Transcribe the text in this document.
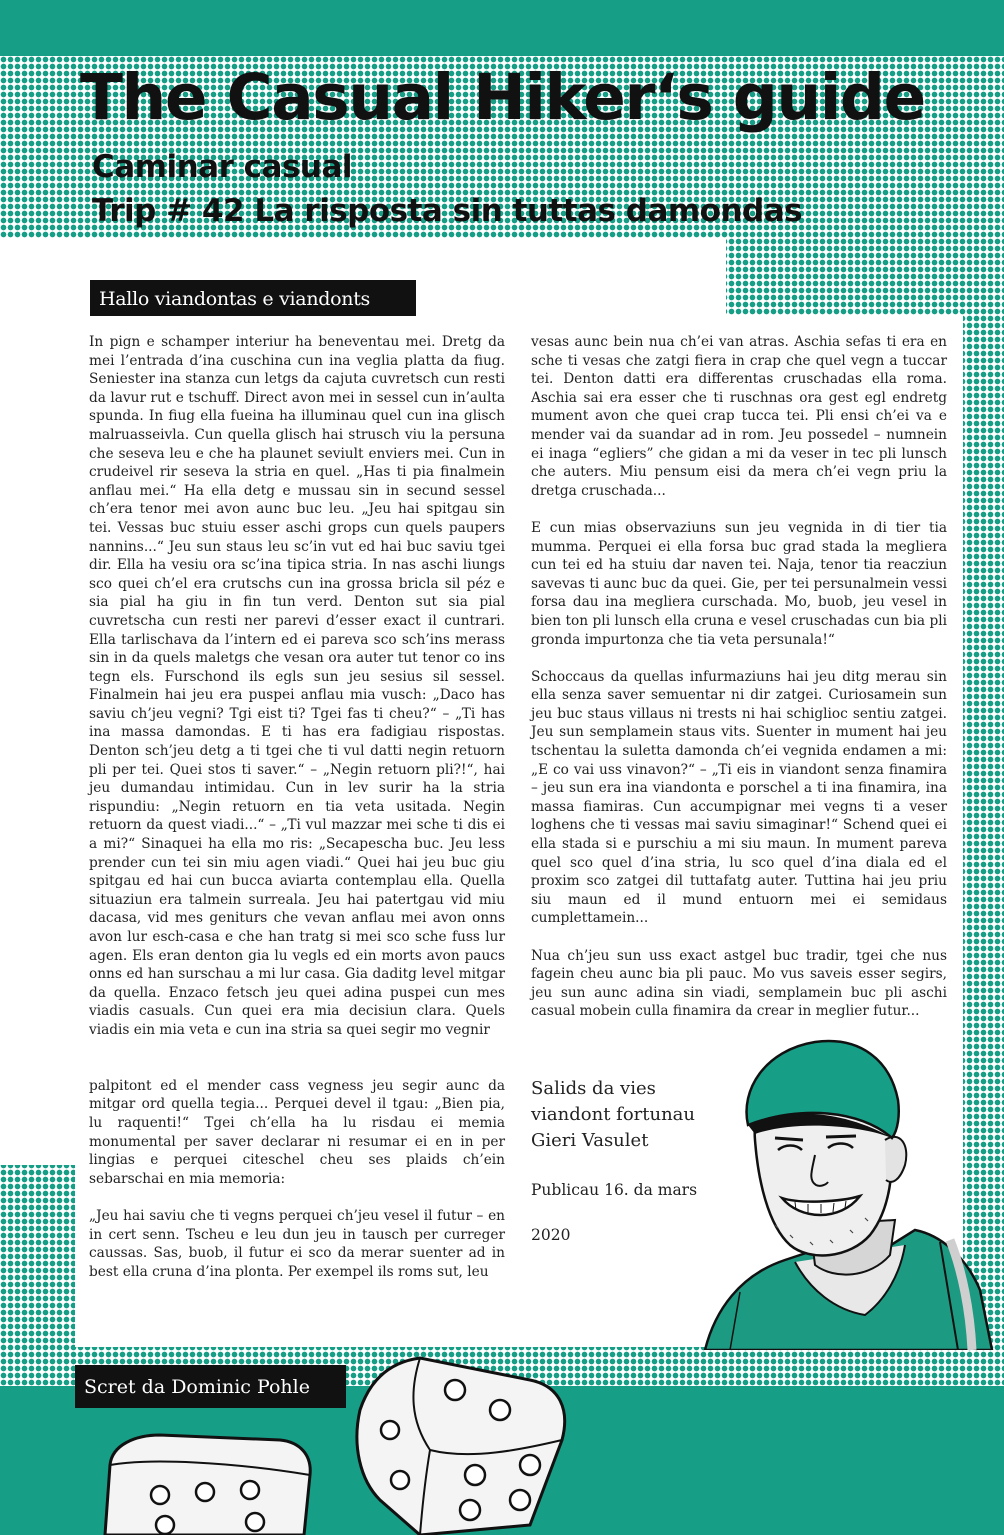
The Casual Hiker‘s guide
Caminar casual
Trip # 42 La risposta sin tuttas damondas
Hallo viandontas e viandonts

In pign e schamper interiur ha beneventau mei. Dretg da mei l’entrada d’ina cuschina cun ina veglia platta da fiug. Seniester ina stanza cun letgs da cajuta cuvretsch cun resti da lavur rut e tschuff. Direct avon mei in sessel cun in’aulta spunda. In fiug ella fueina ha illuminau quel cun ina glisch malruasseivla. Cun quella glisch hai strusch viu la persuna che seseva leu e che ha plaunet seviult enviers mei. Cun in crudeivel rir seseva la stria en quel. „Has ti pia finalmein anflau mei.“ Ha ella detg e mussau sin in secund sessel ch’era tenor mei avon aunc buc leu. „Jeu hai spitgau sin tei. Vessas buc stuiu esser aschi grops cun quels paupers nannins...“ Jeu sun staus leu sc’in vut ed hai buc saviu tgei dir. Ella ha vesiu ora sc’ina tipica stria. In nas aschi liungs sco quei ch’el era crutschs cun ina grossa bricla sil péz e sia pial ha giu in fin tun verd. Denton sut sia pial cuvretscha cun resti ner parevi d’esser exact il cuntrari. Ella tarlischava da l’intern ed ei pareva sco sch’ins merass sin in da quels maletgs che vesan ora auter tut tenor co ins tegn els. Furschond ils egls sun jeu sesius sil sessel. Finalmein hai jeu era puspei anflau mia vusch: „Daco has saviu ch’jeu vegni? Tgi eist ti? Tgei fas ti cheu?“ – „Ti has ina massa damondas. E ti has era fadigiau rispostas. Denton sch’jeu detg a ti tgei che ti vul datti negin retuorn pli per tei. Quei stos ti saver.“ – „Negin retuorn pli?!“, hai jeu dumandau intimidau. Cun in lev surir ha la stria rispundiu: „Negin retuorn en tia veta usitada. Negin retuorn da quest viadi...“ – „Ti vul mazzar mei sche ti dis ei a mi?“ Sinaquei ha ella mo ris: „Secapescha buc. Jeu less prender cun tei sin miu agen viadi.“ Quei hai jeu buc giu spitgau ed hai cun bucca aviarta contemplau ella. Quella situaziun era talmein surreala. Jeu hai patertgau vid miu dacasa, vid mes geniturs che vevan anflau mei avon onns avon lur esch-casa e che han tratg si mei sco sche fuss lur agen. Els eran denton gia lu vegls ed ein morts avon paucs onns ed han surschau a mi lur casa. Gia daditg level mitgar da quella. Enzaco fetsch jeu quei adina puspei cun mes viadis casuals. Cun quei era mia decisiun clara. Quels viadis ein mia veta e cun ina stria sa quei segir mo vegnir

palpitont ed el mender cass vegness jeu segir aunc da mitgar ord quella tegia... Perquei devel il tgau: „Bien pia, lu raquenti!“ Tgei ch’ella ha lu risdau ei memia monumental per saver declarar ni resumar ei en in per lingias e perquei citeschel cheu ses plaids ch’ein sebarschai en mia memoria:

„Jeu hai saviu che ti vegns perquei ch’jeu vesel il futur – en in cert senn. Tscheu e leu dun jeu in tausch per curreger caussas. Sas, buob, il futur ei sco da merar suenter ad in best ella cruna d’ina plonta. Per exempel ils roms sut, leu

vesas aunc bein nua ch’ei van atras. Aschia sefas ti era en sche ti vesas che zatgi fiera in crap che quel vegn a tuccar tei. Denton datti era differentas cruschadas ella roma. Aschia sai era esser che ti ruschnas ora gest egl endretg mument avon che quei crap tucca tei. Pli ensi ch’ei va e mender vai da suandar ad in rom. Jeu possedel – numnein ei inaga “egliers” che gidan a mi da veser in tec pli lunsch che auters. Miu pensum eisi da mera ch’ei vegn priu la dretga cruschada...

E cun mias observaziuns sun jeu vegnida in di tier tia mumma. Perquei ei ella forsa buc grad stada la megliera cun tei ed ha stuiu dar naven tei. Naja, tenor tia reacziun savevas ti aunc buc da quei. Gie, per tei persunalmein vessi forsa dau ina megliera curschada. Mo, buob, jeu vesel in bien ton pli lunsch ella cruna e vesel cruschadas cun bia pli gronda impurtonza che tia veta persunala!“

Schoccaus da quellas infurmaziuns hai jeu ditg merau sin ella senza saver semuentar ni dir zatgei. Curiosamein sun jeu buc staus villaus ni trests ni hai schiglioc sentiu zatgei. Jeu sun semplamein staus vits. Suenter in mument hai jeu tschentau la suletta damonda ch’ei vegnida endamen a mi: „E co vai uss vinavon?“ – „Ti eis in viandont senza finamira – jeu sun era ina viandonta e porschel a ti ina finamira, ina massa fiamiras. Cun accumpignar mei vegns ti a veser loghens che ti vessas mai saviu simaginar!“ Schend quei ei ella stada si e purschiu a mi siu maun. In mument pareva quel sco quel d’ina stria, lu sco quel d’ina diala ed el proxim sco zatgei dil tuttafatg auter. Tuttina hai jeu priu siu maun ed il mund entuorn mei ei semidaus cumplettamein...

Nua ch’jeu sun uss exact astgel buc tradir, tgei che nus fagein cheu aunc bia pli pauc. Mo vus saveis esser segirs, jeu sun aunc adina sin viadi, semplamein buc pli aschi casual mobein culla finamira da crear in meglier futur...

Salids da vies
viandont fortunau
Gieri Vasulet
Publicau 16. da mars 2020
Scret da Dominic Pohle
